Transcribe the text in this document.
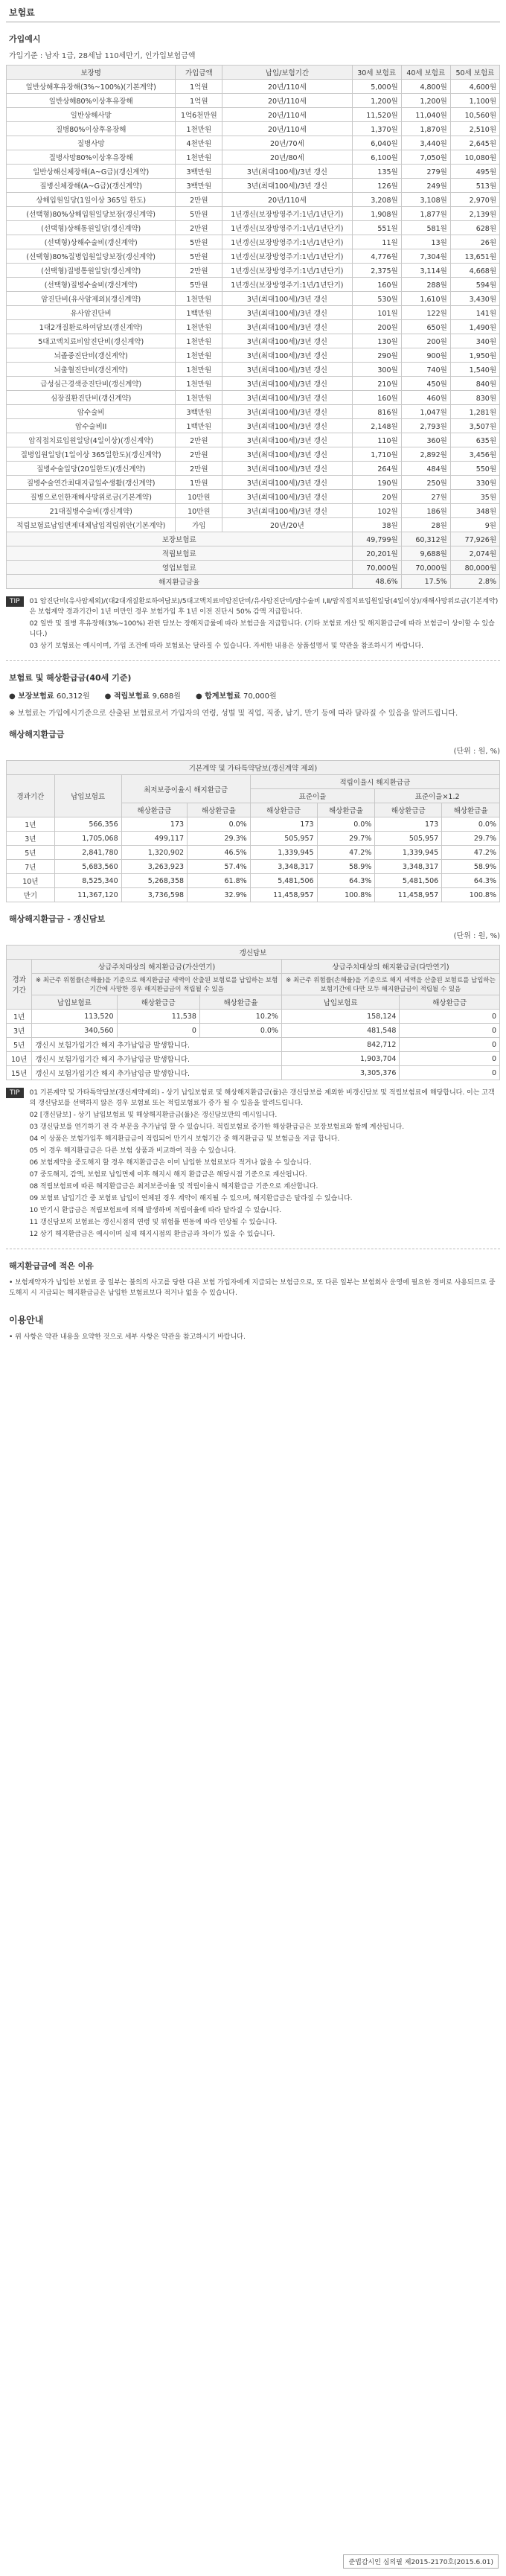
보험료
가입예시
가입기준 : 남자 1급, 28세납 110세만기, 인가입보험금액
보장명	가입금액	납입/보험기간	30세 보험료	40세 보험료	50세 보험료
일반상해후유장해(3%~100%)(기본계약)	1억원	20년/110세	5,000원	4,800원	4,600원
일반상해80%이상후유장해	1억원	20년/110세	1,200원	1,200원	1,100원
일반상해사망	1억6천만원	20년/110세	11,520원	11,040원	10,560원
질병80%이상후유장해	1천만원	20년/110세	1,370원	1,870원	2,510원
질병사망	4천만원	20년/70세	6,040원	3,440원	2,645원
질병사망80%이상후유장해	1천만원	20년/80세	6,100원	7,050원	10,080원
일반상해신체장해(A~G급)(갱신계약)	3백만원	3년(최대100세)/3년 갱신	135원	279원	495원
질병신체장해(A~G급)(갱신계약)	3백만원	3년(최대100세)/3년 갱신	126원	249원	513원
상해입원일당(1일이상 365일 한도)	2만원	20년/110세	3,208원	3,108원	2,970원
(선택형)80%상해입원일당보장(갱신계약)	5만원	1년갱신(보장방영주기:1년/1년단기)	1,908원	1,877원	2,139원
(선택형)상해통원일당(갱신계약)	2만원	1년갱신(보장방영주기:1년/1년단기)	551원	581원	628원
(선택형)상해수술비(갱신계약)	5만원	1년갱신(보장방영주기:1년/1년단기)	11원	13원	26원
(선택형)80%질병입원일당보장(갱신계약)	5만원	1년갱신(보장방영주기:1년/1년단기)	4,776원	7,304원	13,651원
(선택형)질병통원일당(갱신계약)	2만원	1년갱신(보장방영주기:1년/1년단기)	2,375원	3,114원	4,668원
(선택형)질병수술비(갱신계약)	5만원	1년갱신(보장방영주기:1년/1년단기)	160원	288원	594원
암진단비(유사암제외)(갱신계약)	1천만원	3년(최대100세)/3년 갱신	530원	1,610원	3,430원
유사암진단비	1백만원	3년(최대100세)/3년 갱신	101원	122원	141원
1대2개질환로하여담보(갱신계약)	1천만원	3년(최대100세)/3년 갱신	200원	650원	1,490원
5대고액치료비암진단비(갱신계약)	1천만원	3년(최대100세)/3년 갱신	130원	200원	340원
뇌졸중진단비(갱신계약)	1천만원	3년(최대100세)/3년 갱신	290원	900원	1,950원
뇌출혈진단비(갱신계약)	1천만원	3년(최대100세)/3년 갱신	300원	740원	1,540원
급성심근경색증진단비(갱신계약)	1천만원	3년(최대100세)/3년 갱신	210원	450원	840원
심장질환진단비(갱신계약)	1천만원	3년(최대100세)/3년 갱신	160원	460원	830원
암수술비	3백만원	3년(최대100세)/3년 갱신	816원	1,047원	1,281원
암수술비II	1백만원	3년(최대100세)/3년 갱신	2,148원	2,793원	3,507원
암직접치료입원일당(4일이상)(갱신계약)	2만원	3년(최대100세)/3년 갱신	110원	360원	635원
질병입원일당(1일이상 365일한도)(갱신계약)	2만원	3년(최대100세)/3년 갱신	1,710원	2,892원	3,456원
질병수술일당(20일한도)(갱신계약)	2만원	3년(최대100세)/3년 갱신	264원	484원	550원
질병수술연간최대지급일수생활(갱신계약)	1만원	3년(최대100세)/3년 갱신	190원	250원	330원
질병으로인한재해사망위로금(기본계약)	10만원	3년(최대100세)/3년 갱신	20원	27원	35원
21대질병수술비(갱신계약)	10만원	3년(최대100세)/3년 갱신	102원	186원	348원
적립보험료납입면제대체납입적립위안(기본계약)	가입	20년/20년	38원	28원	9원
보장보험료			49,799원	60,312원	77,926원
적립보험료			20,201원	9,688원	2,074원
영업보험료			70,000원	70,000원	80,000원
해지환급금율			48.6%	17.5%	2.8%
TIP	01 암진단비(유사암제외)/(대2대개질환로하여담보)/5대고액치료비암진단비/유사암진단비/암수술비 Ⅰ,Ⅱ/암직접치료입원일당(4일이상)/재해사망위로금(기본계약)은 보험계약 경과기간이 1년 미만인 경우 보험가입 후 1년 이전 진단시 50% 감액 지급합니다.

02 일반 및 질병 후유장해(3%~100%) 관련 담보는 장해지급률에 따라 보험금을 지급합니다. (기타 보험료 개산 및 해지환급금에 따라 보험금이 상이할 수 있습니다.)

03 상기 보험료는 예시이며, 가입 조건에 따라 보험료는 달라질 수 있습니다. 자세한 내용은 상품설명서 및 약관을 참조하시기 바랍니다.

보험료 및 해상환급금(40세 기준)
● 보장보험료 60,312원 ● 적립보험료 9,688원 ● 합계보험료 70,000원
※ 보험료는 가입예시기준으로 산출된 보험료로서 가입자의 연령, 성별 및 직업, 직종, 납기, 만기 등에 따라 달라질 수 있음을 알려드립니다.
해상해지환급금
(단위 : 원, %)
기본계약 및 가타특약담보(갱신계약 제외)							
경과기간	납입보험료	최저보증이율시 해지환급금		적립이율시 해지환급금			
				표준이율		표준이율×1.2	
		해상환급금	해상환급율	해상환급금	해상환급율	해상환급금	해상환급율
1년	566,356	173	0.0%	173	0.0%	173	0.0%
3년	1,705,068	499,117	29.3%	505,957	29.7%	505,957	29.7%
5년	2,841,780	1,320,902	46.5%	1,339,945	47.2%	1,339,945	47.2%
7년	5,683,560	3,263,923	57.4%	3,348,317	58.9%	3,348,317	58.9%
10년	8,525,340	5,268,358	61.8%	5,481,506	64.3%	5,481,506	64.3%
만기	11,367,120	3,736,598	32.9%	11,458,957	100.8%	11,458,957	100.8%
해상해지환급금 - 갱신담보
(단위 : 원, %)
갱신담보					
경과기간	상급주치대상의 해지환급금(가산연기)			상급주치대상의 해지환급금(다만연기)	
	※ 최근주 위험률(손해율)을 기준으로 해지환급금 세액이 산출된 보험료를 납입하는 보험기간에 사망한 경우 해지환급금이 적립될 수 있음			※ 최근주 위험률(손해율)을 기준으로 해지 세액을 산출된 보험료를 납입하는 보험기간에 다만 모두 해지환급금이 적립될 수 있음	
	납입보험료	해상환급금	해상환급율	납입보험료	해상환급금
1년	113,520	11,538	10.2%	158,124	0
3년	340,560	0	0.0%	481,548	0
5년	갱신시 보험가입기간 해지 추가납입금 발생합니다.			842,712	0
10년	갱신시 보험가입기간 해지 추가납입금 발생합니다.			1,903,704	0
15년	갱신시 보험가입기간 해지 추가납입금 발생합니다.			3,305,376	0
TIP	01 기본계약 및 가타특약담보(갱신계약제외) - 상기 납입보험료 및 해상해지환급금(률)은 갱신담보를 제외한 비갱신담보 및 적립보험료에 해당합니다. 이는 고객의 갱신담보를 선택하지 않은 경우 보험료 또는 적립보험료가 증가 될 수 있음을 알려드립니다.

02 [갱신담보] - 상기 납입보험료 및 해상해지환급금(률)은 갱신담보만의 예시입니다.

03 갱신담보를 연기하기 전 각 부문을 추가납입 할 수 있습니다. 적립보험료 증가한 해상환급금은 보장보험료와 함께 계산됩니다.

04 이 상품은 보험가입후 해지환급금이 적립되어 만기시 보험기간 중 해지환급금 및 보험금을 지급 합니다.

05 이 경우 해지환급금은 다른 보험 상품과 비교하여 적을 수 있습니다.

06 보험계약을 중도해지 할 경우 해지환급금은 이미 납입한 보험료보다 적거나 없을 수 있습니다.

07 중도해지, 감액, 보험료 납입면제 이후 해지시 해지 환급금은 해당시점 기준으로 계산됩니다.

08 적립보험료에 따른 해지환급금은 최저보증이율 및 적립이율시 해지환급금 기준으로 계산합니다.

09 보험료 납입기간 중 보험료 납입이 연체된 경우 계약이 해지될 수 있으며, 해지환급금은 달라질 수 있습니다.

10 만기시 환급금은 적립보험료에 의해 발생하며 적립이율에 따라 달라질 수 있습니다.

11 갱신담보의 보험료는 갱신시점의 연령 및 위험률 변동에 따라 인상될 수 있습니다.

12 상기 해지환급금은 예시이며 실제 해지시점의 환급금과 차이가 있을 수 있습니다.

해지환급금에 적은 이유
• 보험계약자가 납입한 보험료 중 일부는 불의의 사고를 당한 다른 보험 가입자에게 지급되는 보험금으로, 또 다른 일부는 보험회사 운영에 필요한 경비로 사용되므로 중도해지 시 지급되는 해지환급금은 납입한 보험료보다 적거나 없을 수 있습니다.
이용안내
• 위 사항은 약관 내용을 요약한 것으로 세부 사항은 약관을 참고하시기 바랍니다.
준법감시인 심의필 제2015-2170호(2015.6.01)
